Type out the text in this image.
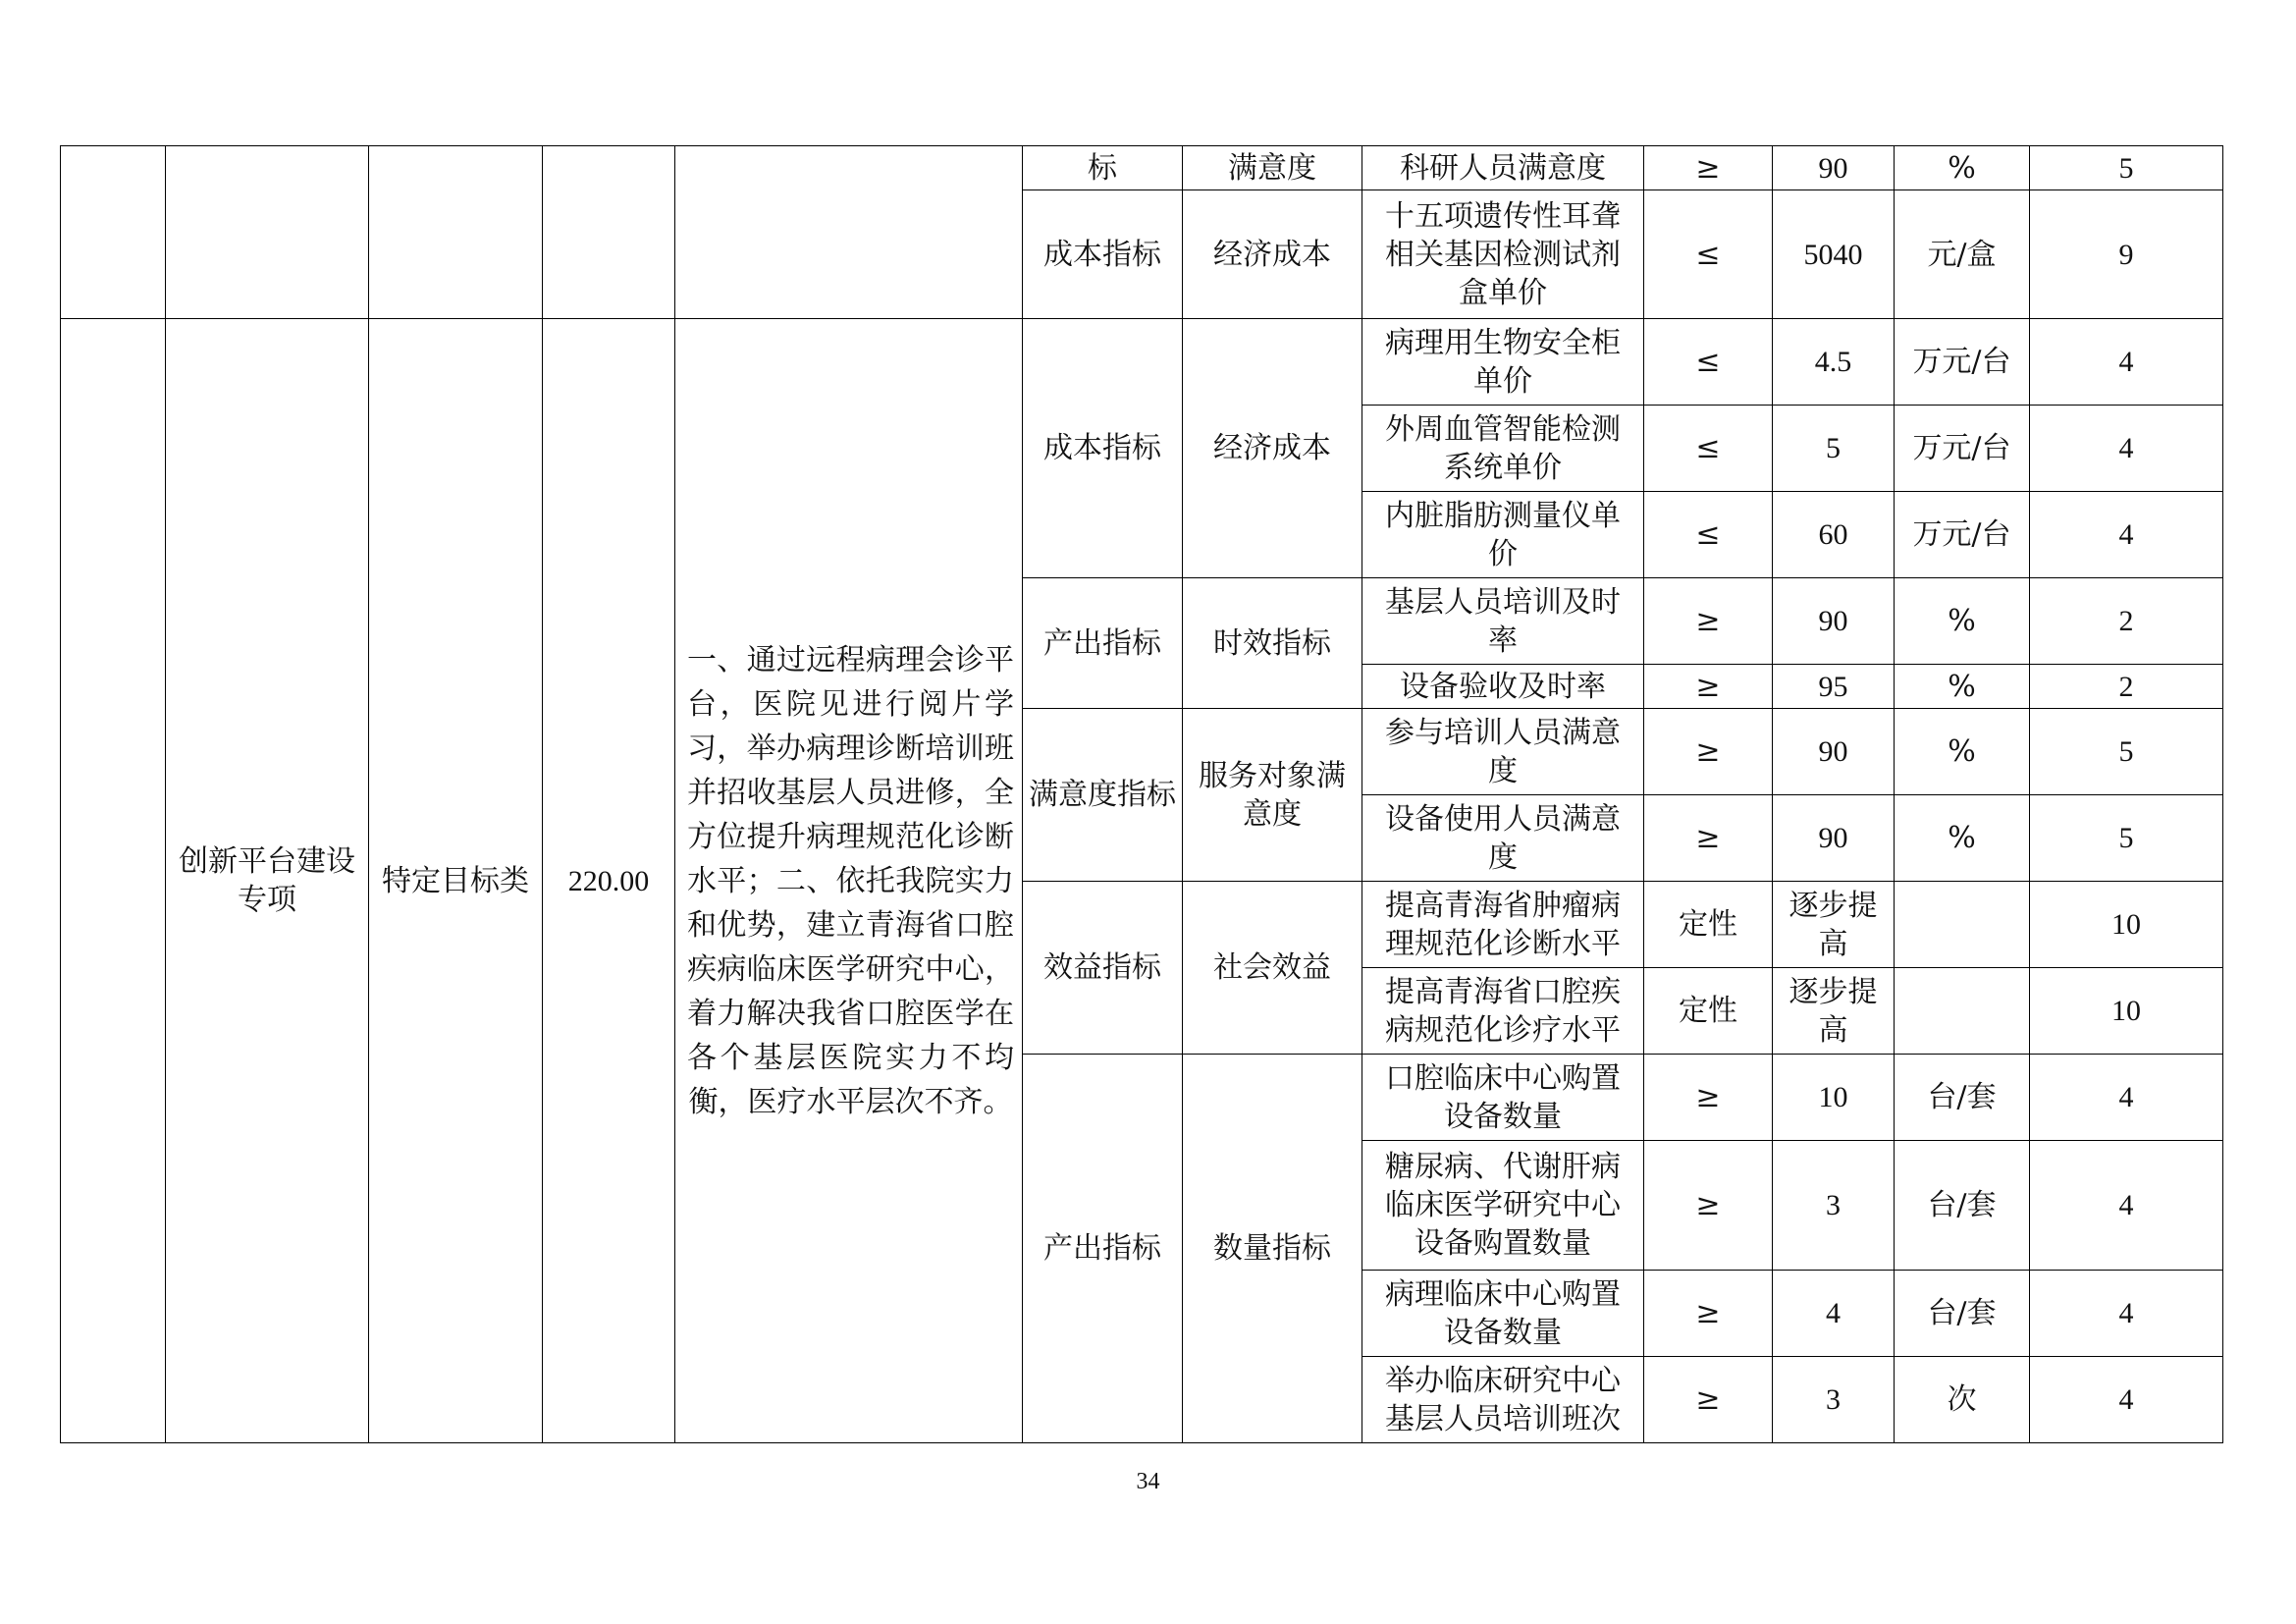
					标	满意度	科研人员满意度	≥	90	%	5
					成本指标	经济成本	十五项遗传性耳聋相关基因检测试剂盒单价	≤	5040	元/盒	9
	创新平台建设专项	特定目标类	220.00	一、通过远程病理会诊平台，医院见进行阅片学习，举办病理诊断培训班并招收基层人员进修，全方位提升病理规范化诊断水平；二、依托我院实力和优势，建立青海省口腔疾病临床医学研究中心，着力解决我省口腔医学在各个基层医院实力不均衡，医疗水平层次不齐。	成本指标	经济成本	病理用生物安全柜单价	≤	4.5	万元/台	4
							外周血管智能检测系统单价	≤	5	万元/台	4
							内脏脂肪测量仪单价	≤	60	万元/台	4
					产出指标	时效指标	基层人员培训及时率	≥	90	%	2
							设备验收及时率	≥	95	%	2
					满意度指标	服务对象满意度	参与培训人员满意度	≥	90	%	5
							设备使用人员满意度	≥	90	%	5
					效益指标	社会效益	提高青海省肿瘤病理规范化诊断水平	定性	逐步提高		10
							提高青海省口腔疾病规范化诊疗水平	定性	逐步提高		10
					产出指标	数量指标	口腔临床中心购置设备数量	≥	10	台/套	4
							糖尿病、代谢肝病临床医学研究中心设备购置数量	≥	3	台/套	4
							病理临床中心购置设备数量	≥	4	台/套	4
							举办临床研究中心基层人员培训班次	≥	3	次	4
34
